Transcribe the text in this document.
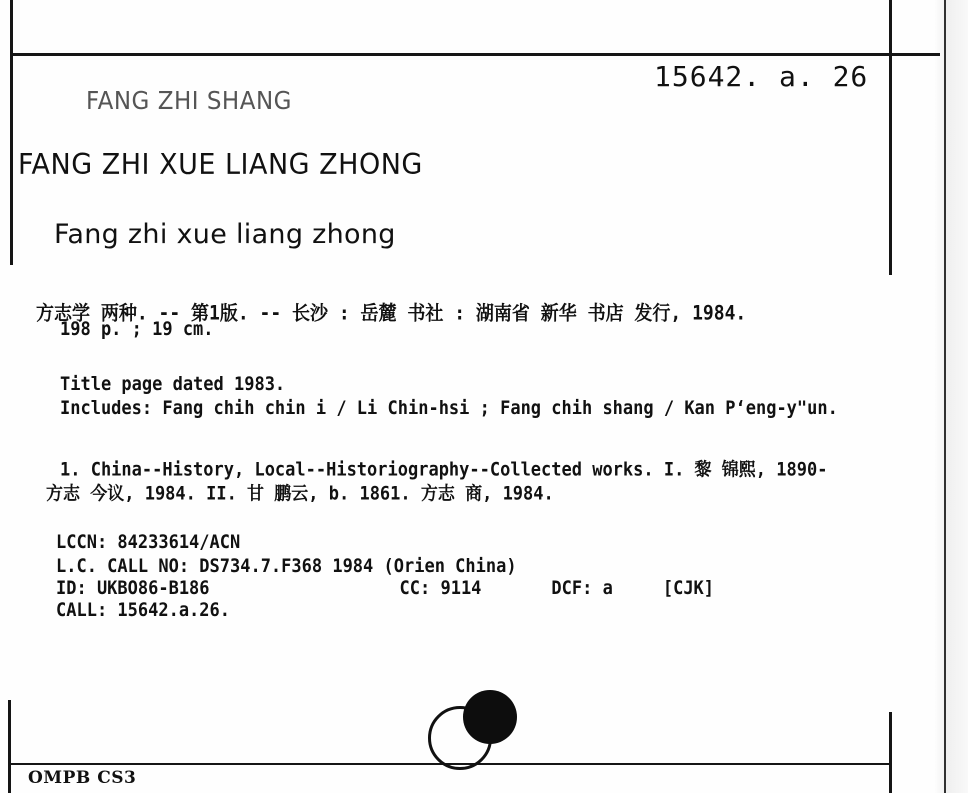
15642. a. 26
FANG ZHI SHANG
FANG ZHI XUE LIANG ZHONG
Fang zhi xue liang zhong
方志学 两种. -- 第1版. -- 长沙 : 岳麓 书社 : 湖南省 新华 书店 发行, 1984.
198 p. ; 19 cm.
Title page dated 1983.
Includes: Fang chih chin i / Li Chin-hsi ; Fang chih shang / Kan P‘eng-y"un.
1. China--History, Local--Historiography--Collected works. I. 黎 锦熙, 1890-
方志 今议, 1984. II. 甘 鹏云, b. 1861. 方志 商, 1984.
LCCN: 84233614/ACN
L.C. CALL NO: DS734.7.F368 1984 (Orien China)
ID: UKBO86-B186	CC: 9114	DCF: a	[CJK]
CALL: 15642.a.26.
OMPB CS3
